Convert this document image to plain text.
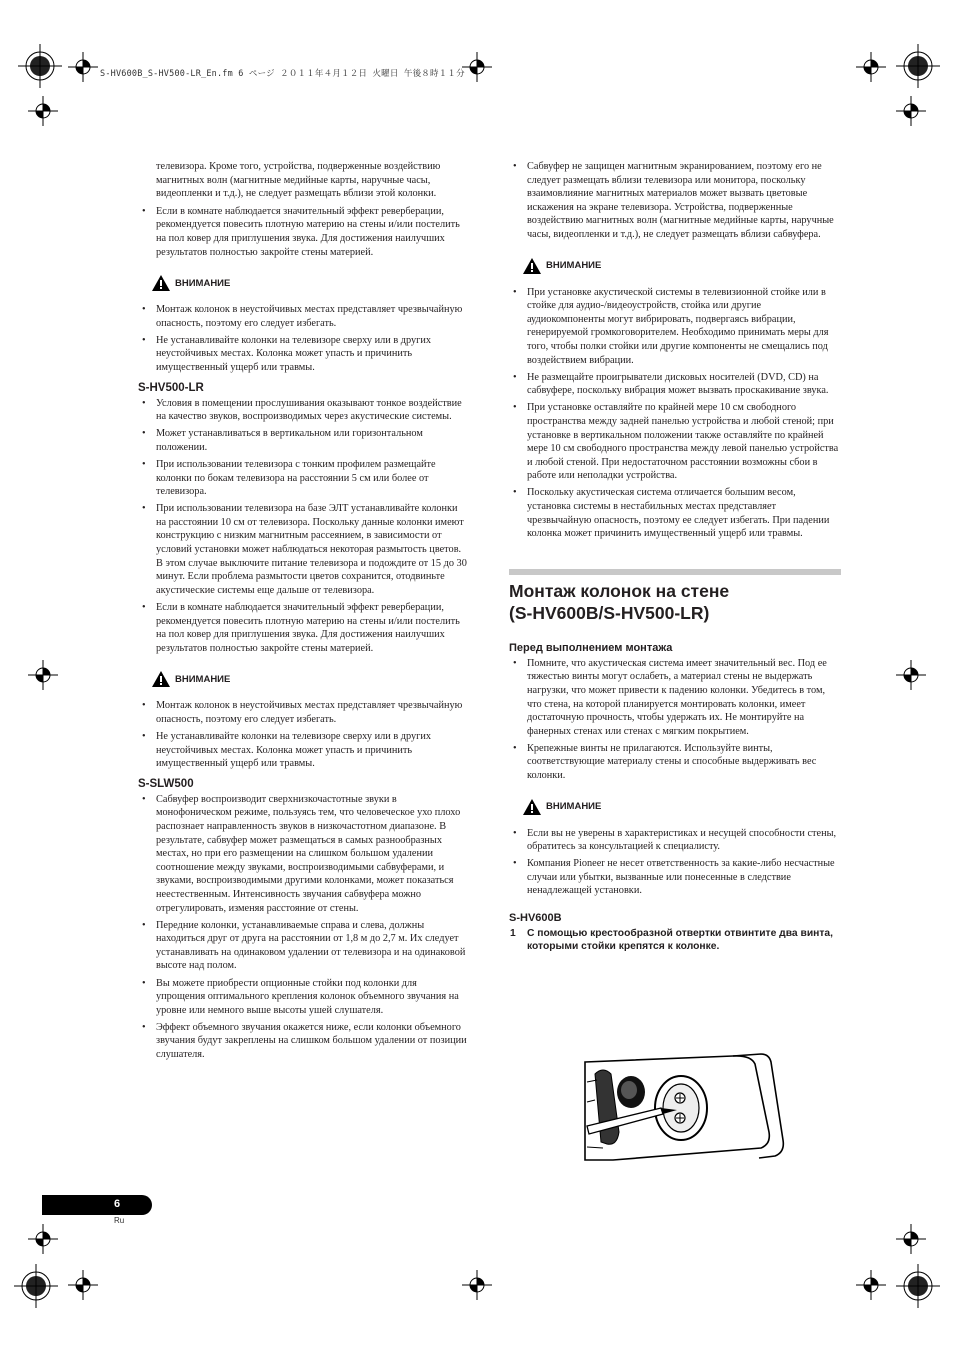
S-HV600B_S-HV500-LR_En.fm 6 ページ ２０１１年４月１２日 火曜日 午後８時１１分

телевизора. Кроме того, устройства, подверженные воздействию магнитных волн (магнитные медийные карты, наручные часы, видеопленки и т.д.), не следует размещать вблизи этой колонки.

• Если в комнате наблюдается значительный эффект реверберации, рекомендуется повесить плотную материю на стены и/или постелить на пол ковер для приглушения звука. Для достижения наилучших результатов полностью закройте стены материей.

ВНИМАНИЕ

• Монтаж колонок в неустойчивых местах представляет чрезвычайную опасность, поэтому его следует избегать.

• Не устанавливайте колонки на телевизоре сверху или в других неустойчивых местах. Колонка может упасть и причинить имущественный ущерб или травмы.

S-HV500-LR

• Условия в помещении прослушивания оказывают тонкое воздействие на качество звуков, воспроизводимых через акустические системы.

• Может устанавливаться в вертикальном или горизонтальном положении.

• При использовании телевизора с тонким профилем размещайте колонки по бокам телевизора на расстоянии 5 см или более от телевизора.

• При использовании телевизора на базе ЭЛТ устанавливайте колонки на расстоянии 10 см от телевизора. Поскольку данные колонки имеют конструкцию с низким магнитным рассеянием, в зависимости от условий установки может наблюдаться некоторая размытость цветов. В этом случае выключите питание телевизора и подождите от 15 до 30 минут. Если проблема размытости цветов сохранится, отодвиньте акустические системы еще дальше от телевизора.

• Если в комнате наблюдается значительный эффект реверберации, рекомендуется повесить плотную материю на стены и/или постелить на пол ковер для приглушения звука. Для достижения наилучших результатов полностью закройте стены материей.

ВНИМАНИЕ

• Монтаж колонок в неустойчивых местах представляет чрезвычайную опасность, поэтому его следует избегать.

• Не устанавливайте колонки на телевизоре сверху или в других неустойчивых местах. Колонка может упасть и причинить имущественный ущерб или травмы.

S-SLW500

• Сабвуфер воспроизводит сверхнизкочастотные звуки в монофоническом режиме, пользуясь тем, что человеческое ухо плохо распознает направленность звуков в низкочастотном диапазоне. В результате, сабвуфер может размещаться в самых разнообразных местах, но при его размещении на слишком большом удалении соотношение между звуками, воспроизводимыми сабвуферами, и звуками, воспроизводимыми другими колонками, может показаться неестественным. Интенсивность звучания сабвуфера можно отрегулировать, изменяя расстояние от стены.

• Передние колонки, устанавливаемые справа и слева, должны находиться друг от друга на расстоянии от 1,8 м до 2,7 м. Их следует устанавливать на одинаковом удалении от телевизора и на одинаковой высоте над полом.

• Вы можете приобрести опционные стойки под колонки для упрощения оптимального крепления колонок объемного звучания на уровне или немного выше высоты ушей слушателя.

• Эффект объемного звучания окажется ниже, если колонки объемного звучания будут закреплены на слишком большом удалении от позиции слушателя.

• Сабвуфер не защищен магнитным экранированием, поэтому его не следует размещать вблизи телевизора или монитора, поскольку взаимовлияние магнитных материалов может вызвать цветовые искажения на экране телевизора. Устройства, подверженные воздействию магнитных волн (магнитные медийные карты, наручные часы, видеопленки и т.д.), не следует размещать вблизи сабвуфера.

ВНИМАНИЕ

• При установке акустической системы в телевизионной стойке или в стойке для аудио-/видеоустройств, стойка или другие аудиокомпоненты могут вибрировать, подвергаясь вибрации, генерируемой громкоговорителем. Необходимо принимать меры для того, чтобы полки стойки или другие компоненты не смещались под воздействием вибрации.

• Не размещайте проигрыватели дисковых носителей (DVD, CD) на сабвуфере, поскольку вибрация может вызвать проскакивание звука.

• При установке оставляйте по крайней мере 10 см свободного пространства между задней панелью устройства и любой стеной; при установке в вертикальном положении также оставляйте по крайней мере 10 см свободного пространства между левой панелью устройства и любой стеной. При недостаточном расстоянии возможны сбои в работе или неполадки устройства.

• Поскольку акустическая система отличается большим весом, установка системы в нестабильных местах представляет чрезвычайную опасность, поэтому ее следует избегать. При падении колонка может причинить имущественный ущерб или травмы.

Монтаж колонок на стене
(S-HV600B/S-HV500-LR)
Перед выполнением монтажа

• Помните, что акустическая система имеет значительный вес. Под ее тяжестью винты могут ослабеть, а материал стены не выдержать нагрузки, что может привести к падению колонки. Убедитесь в том, что стена, на которой планируется монтировать колонки, имеет достаточную прочность, чтобы удержать их. Не монтируйте на фанерных стенах или стенах с мягким покрытием.

• Крепежные винты не прилагаются. Используйте винты, соответствующие материалу стены и способные выдерживать вес колонки.

ВНИМАНИЕ

• Если вы не уверены в характеристиках и несущей способности стены, обратитесь за консультацией к специалисту.

• Компания Pioneer не несет ответственность за какие-либо несчастные случаи или убытки, вызванные или понесенные в следствие ненадлежащей установки.

S-HV600B
1 С помощью крестообразной отвертки отвинтите два винта, которыми стойки крепятся к колонке.
6
Ru
